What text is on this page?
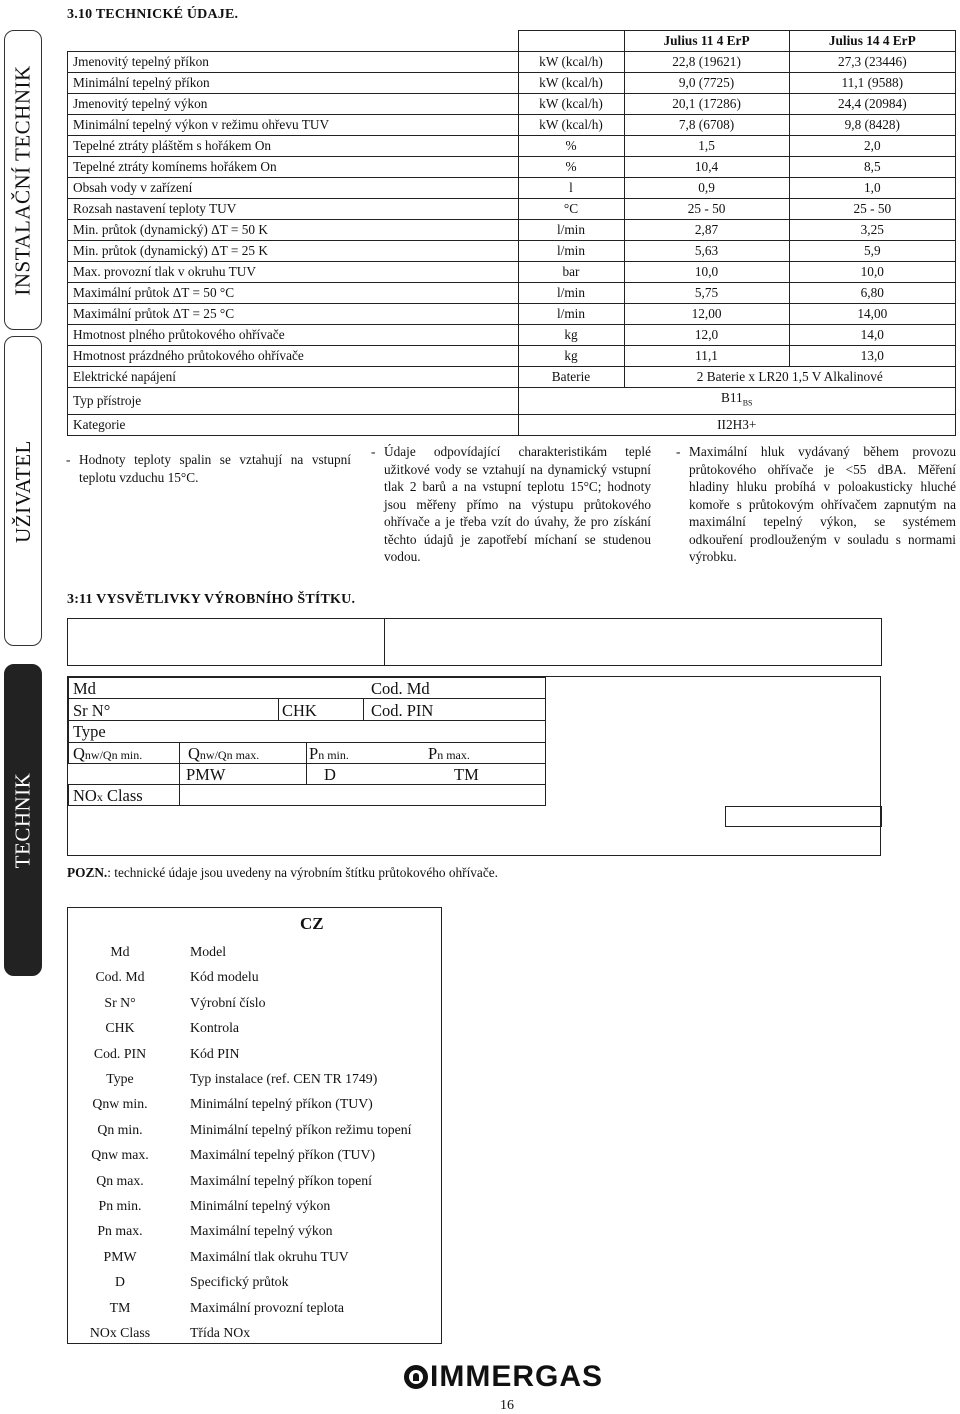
INSTALAČNÍ TECHNIK
UŽIVATEL
TECHNIK
3.10 TECHNICKÉ ÚDAJE.
		Julius 11 4 ErP	Julius 14 4 ErP
Jmenovitý tepelný příkon	kW (kcal/h)	22,8 (19621)	27,3 (23446)
Minimální tepelný příkon	kW (kcal/h)	9,0 (7725)	11,1 (9588)
Jmenovitý tepelný výkon	kW (kcal/h)	20,1 (17286)	24,4 (20984)
Minimální tepelný výkon v režimu ohřevu TUV	kW (kcal/h)	7,8 (6708)	9,8 (8428)
Tepelné ztráty pláštěm s hořákem On	%	1,5	2,0
Tepelné ztráty komínems hořákem On	%	10,4	8,5
Obsah vody v zařízení	l	0,9	1,0
Rozsah nastavení teploty TUV	°C	25 - 50	25 - 50
Min. průtok (dynamický) ΔT = 50 K	l/min	2,87	3,25
Min. průtok (dynamický) ΔT = 25 K	l/min	5,63	5,9
Max. provozní tlak v okruhu TUV	bar	10,0	10,0
Maximální průtok ΔT = 50 °C	l/min	5,75	6,80
Maximální průtok ΔT = 25 °C	l/min	12,00	14,00
Hmotnost plného průtokového ohřívače	kg	12,0	14,0
Hmotnost prázdného průtokového ohřívače	kg	11,1	13,0
Elektrické napájení	Baterie	2 Baterie x LR20 1,5 V Alkalinové	
Typ přístroje	$B11_{BS}$
Kategorie	II2H3+		
- Hodnoty teploty spalin se vztahují na vstupní teplotu vzduchu 15°C.
- Údaje odpovídající charakteristikám teplé užitkové vody se vztahují na dynamický vstupní tlak 2 barů a na vstupní teplotu 15°C; hodnoty jsou měřeny přímo na výstupu průtokového ohřívače a je třeba vzít do úvahy, že pro získání těchto údajů je zapotřebí míchaní se studenou vodou.
- Maximální hluk vydávaný během provozu průtokového ohřívače je <55 dBA. Měření hladiny hluku probíhá v poloakusticky hluché komoře s průtokovým ohřívačem zapnutým na maximální tepelný výkon, se systémem odkouření prodlouženým v souladu s normami výrobku.
3:11 VYSVĚTLIVKY VÝROBNÍHO ŠTÍTKU.
Md	Cod. Md
Sr N°	CHK	Cod. PIN
Type
Qnw/Qn min.	Qnw/Qn max.	Pn min.	Pn max.
PMW	D	TM
NOx Class
POZN.: technické údaje jsou uvedeny na výrobním štítku průtokového ohřívače.
CZ
Md	Model
Cod. Md	Kód modelu
Sr N°	Výrobní číslo
CHK	Kontrola
Cod. PIN	Kód PIN
Type	Typ instalace (ref. CEN TR 1749)
Qnw min.	Minimální tepelný příkon (TUV)
Qn min.	Minimální tepelný příkon režimu topení
Qnw max.	Maximální tepelný příkon (TUV)
Qn max.	Maximální tepelný příkon topení
Pn min.	Minimální tepelný výkon
Pn max.	Maximální tepelný výkon
PMW	Maximální tlak okruhu TUV
D	Specifický průtok
TM	Maximální provozní teplota
NOx Class	Třída NOx
IMMERGAS
16
